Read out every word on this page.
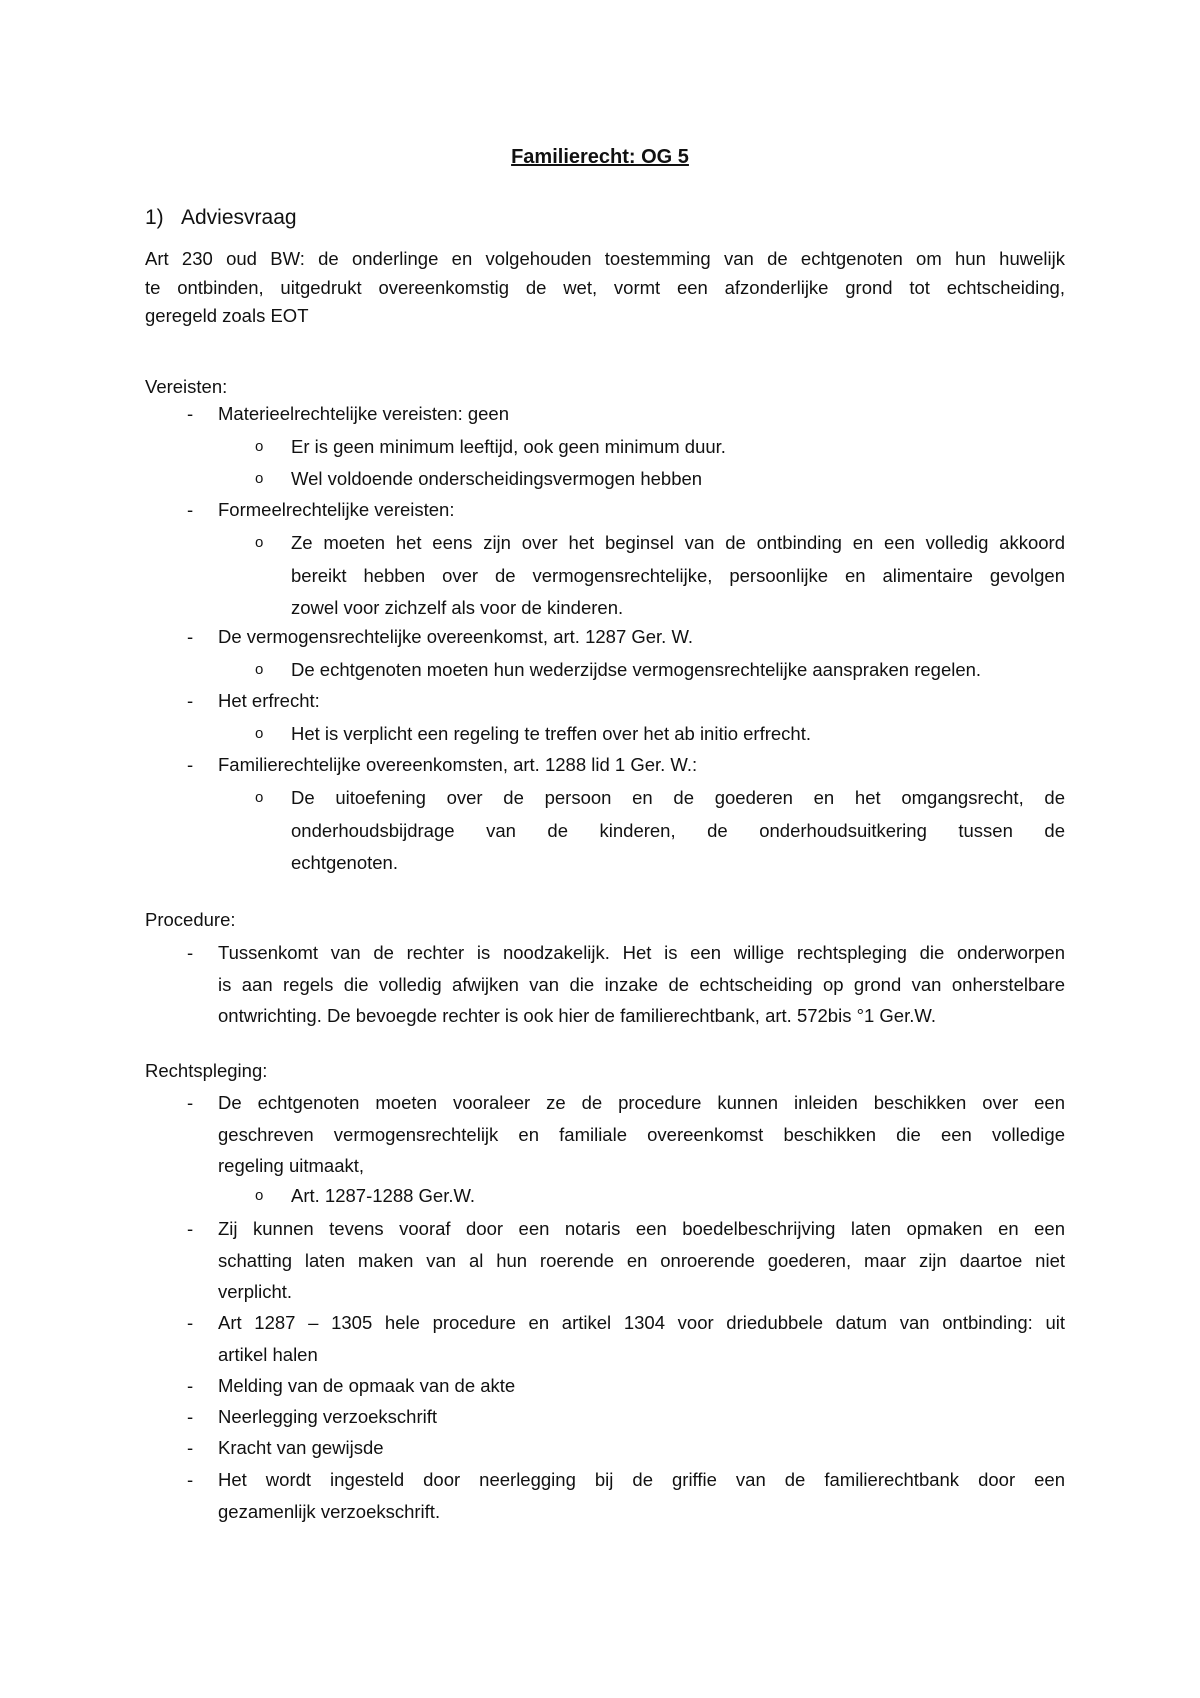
Familierecht: OG 5
1) Adviesvraag
Art 230 oud BW: de onderlinge en volgehouden toestemming van de echtgenoten om hun huwelijk
te ontbinden, uitgedrukt overeenkomstig de wet, vormt een afzonderlijke grond tot echtscheiding,
geregeld zoals EOT
Vereisten:
- Materieelrechtelijke vereisten: geen
o Er is geen minimum leeftijd, ook geen minimum duur.
o Wel voldoende onderscheidingsvermogen hebben
- Formeelrechtelijke vereisten:
o Ze moeten het eens zijn over het beginsel van de ontbinding en een volledig akkoord
bereikt hebben over de vermogensrechtelijke, persoonlijke en alimentaire gevolgen
zowel voor zichzelf als voor de kinderen.
- De vermogensrechtelijke overeenkomst, art. 1287 Ger. W.
o De echtgenoten moeten hun wederzijdse vermogensrechtelijke aanspraken regelen.
- Het erfrecht:
o Het is verplicht een regeling te treffen over het ab initio erfrecht.
- Familierechtelijke overeenkomsten, art. 1288 lid 1 Ger. W.:
o De uitoefening over de persoon en de goederen en het omgangsrecht, de
onderhoudsbijdrage van de kinderen, de onderhoudsuitkering tussen de
echtgenoten.
Procedure:
- Tussenkomt van de rechter is noodzakelijk. Het is een willige rechtspleging die onderworpen
is aan regels die volledig afwijken van die inzake de echtscheiding op grond van onherstelbare
ontwrichting. De bevoegde rechter is ook hier de familierechtbank, art. 572bis °1 Ger.W.
Rechtspleging:
- De echtgenoten moeten vooraleer ze de procedure kunnen inleiden beschikken over een
geschreven vermogensrechtelijk en familiale overeenkomst beschikken die een volledige
regeling uitmaakt,
o Art. 1287-1288 Ger.W.
- Zij kunnen tevens vooraf door een notaris een boedelbeschrijving laten opmaken en een
schatting laten maken van al hun roerende en onroerende goederen, maar zijn daartoe niet
verplicht.
- Art 1287 – 1305 hele procedure en artikel 1304 voor driedubbele datum van ontbinding: uit
artikel halen
- Melding van de opmaak van de akte
- Neerlegging verzoekschrift
- Kracht van gewijsde
- Het wordt ingesteld door neerlegging bij de griffie van de familierechtbank door een
gezamenlijk verzoekschrift.
